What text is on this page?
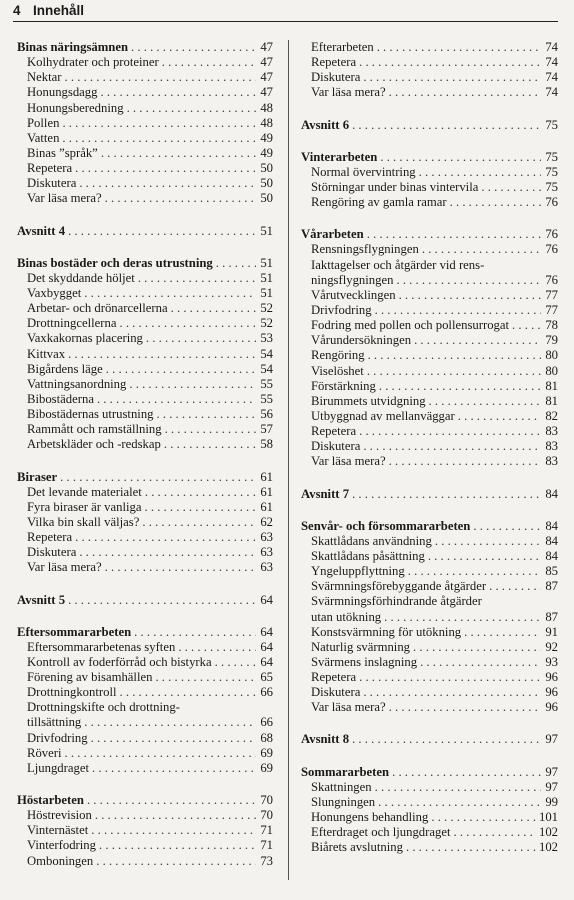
4 Innehåll
Binas näringsämnen . . .	47
Kolhydrater och proteiner . . .	47
Nektar . . .	47
Honungsdagg . . .	47
Honungsberedning . . .	48
Pollen . . .	48
Vatten . . .	49
Binas ”språk” . . .	49
Repetera . . .	50
Diskutera . . .	50
Var läsa mera? . . .	50
Avsnitt 4 . . .	51
Binas bostäder och deras utrustning . . .	51
Det skyddande höljet . . .	51
Vaxbygget . . .	51
Arbetar- och drönarcellerna . . .	52
Drottningcellerna . . .	52
Vaxkakornas placering . . .	53
Kittvax . . .	54
Bigårdens läge . . .	54
Vattningsanordning . . .	55
Bibostäderna . . .	55
Bibostädernas utrustning . . .	56
Rammått och ramställning . . .	57
Arbetskläder och -redskap . . .	58
Biraser . . .	61
Det levande materialet . . .	61
Fyra biraser är vanliga . . .	61
Vilka bin skall väljas? . . .	62
Repetera . . .	63
Diskutera . . .	63
Var läsa mera? . . .	63
Avsnitt 5 . . .	64
Eftersommararbeten . . .	64
Eftersommararbetenas syften . . .	64
Kontroll av foderförråd och bistyrka . . .	64
Förening av bisamhällen . . .	65
Drottningkontroll . . .	66
Drottningskifte och drottning-
tillsättning . . .	66
Drivfodring . . .	68
Röveri . . .	69
Ljungdraget . . .	69
Höstarbeten . . .	70
Höstrevision . . .	70
Vinternästet . . .	71
Vinterfodring . . .	71
Omboningen . . .	73
Efterarbeten . . .	74
Repetera . . .	74
Diskutera . . .	74
Var läsa mera? . . .	74
Avsnitt 6 . . .	75
Vinterarbeten . . .	75
Normal övervintring . . .	75
Störningar under binas vintervila . . .	75
Rengöring av gamla ramar . . .	76
Vårarbeten . . .	76
Rensningsflygningen . . .	76
Iakttagelser och åtgärder vid rens-
ningsflygningen . . .	76
Vårutvecklingen . . .	77
Drivfodring . . .	77
Fodring med pollen och pollensurrogat . . .	78
Vårundersökningen . . .	79
Rengöring . . .	80
Viselöshet . . .	80
Förstärkning . . .	81
Birummets utvidgning . . .	81
Utbyggnad av mellanväggar . . .	82
Repetera . . .	83
Diskutera . . .	83
Var läsa mera? . . .	83
Avsnitt 7 . . .	84
Senvår- och försommararbeten . . .	84
Skattlådans användning . . .	84
Skattlådans påsättning . . .	84
Yngeluppflyttning . . .	85
Svärmningsförebyggande åtgärder . . .	87
Svärmningsförhindrande åtgärder
utan utökning . . .	87
Konstsvärmning för utökning . . .	91
Naturlig svärmning . . .	92
Svärmens inslagning . . .	93
Repetera . . .	96
Diskutera . . .	96
Var läsa mera? . . .	96
Avsnitt 8 . . .	97
Sommararbeten . . .	97
Skattningen . . .	97
Slungningen . . .	99
Honungens behandling . . .	101
Efterdraget och ljungdraget . . .	102
Biårets avslutning . . .	102
